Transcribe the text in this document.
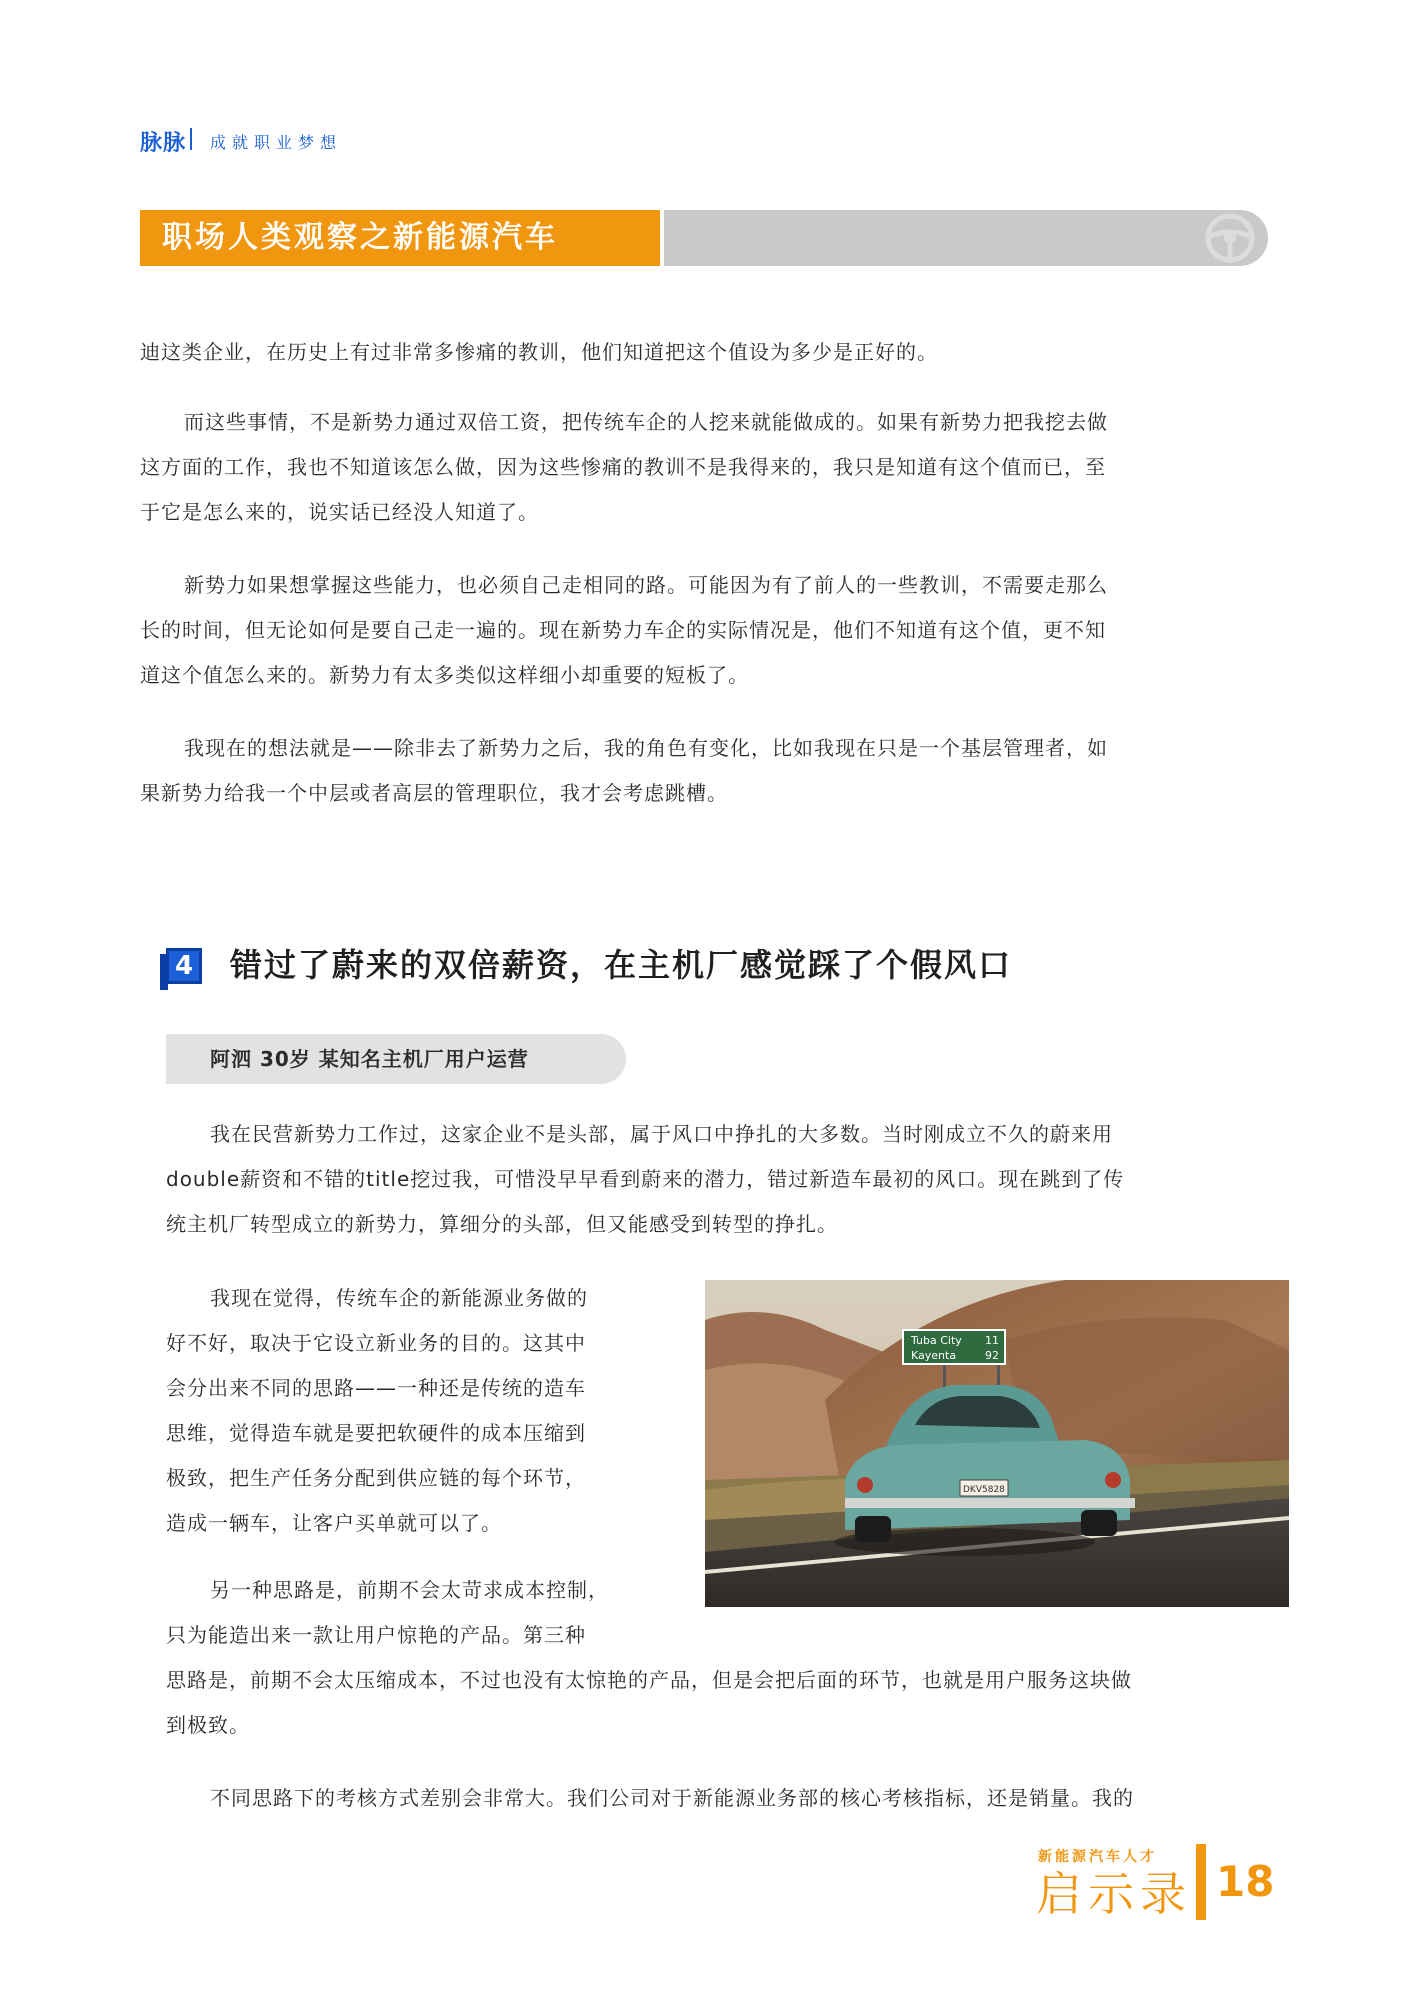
脉脉 成就职业梦想
职场人类观察之新能源汽车
迪这类企业，在历史上有过非常多惨痛的教训，他们知道把这个值设为多少是正好的。
而这些事情，不是新势力通过双倍工资，把传统车企的人挖来就能做成的。如果有新势力把我挖去做
这方面的工作，我也不知道该怎么做，因为这些惨痛的教训不是我得来的，我只是知道有这个值而已，至
于它是怎么来的，说实话已经没人知道了。
新势力如果想掌握这些能力，也必须自己走相同的路。可能因为有了前人的一些教训，不需要走那么
长的时间，但无论如何是要自己走一遍的。现在新势力车企的实际情况是，他们不知道有这个值，更不知
道这个值怎么来的。新势力有太多类似这样细小却重要的短板了。
我现在的想法就是——除非去了新势力之后，我的角色有变化，比如我现在只是一个基层管理者，如
果新势力给我一个中层或者高层的管理职位，我才会考虑跳槽。
4 错过了蔚来的双倍薪资，在主机厂感觉踩了个假风口
阿泗 30岁 某知名主机厂用户运营
我在民营新势力工作过，这家企业不是头部，属于风口中挣扎的大多数。当时刚成立不久的蔚来用
double薪资和不错的title挖过我，可惜没早早看到蔚来的潜力，错过新造车最初的风口。现在跳到了传
统主机厂转型成立的新势力，算细分的头部，但又能感受到转型的挣扎。
我现在觉得，传统车企的新能源业务做的
好不好，取决于它设立新业务的目的。这其中
会分出来不同的思路——一种还是传统的造车
思维，觉得造车就是要把软硬件的成本压缩到
极致，把生产任务分配到供应链的每个环节，
造成一辆车，让客户买单就可以了。
另一种思路是，前期不会太苛求成本控制，
只为能造出来一款让用户惊艳的产品。第三种
思路是，前期不会太压缩成本，不过也没有太惊艳的产品，但是会把后面的环节，也就是用户服务这块做
到极致。
不同思路下的考核方式差别会非常大。我们公司对于新能源业务部的核心考核指标，还是销量。我的
Tuba City 11
Kayenta	92
DKV5828
新能源汽车人才
启示录 18
